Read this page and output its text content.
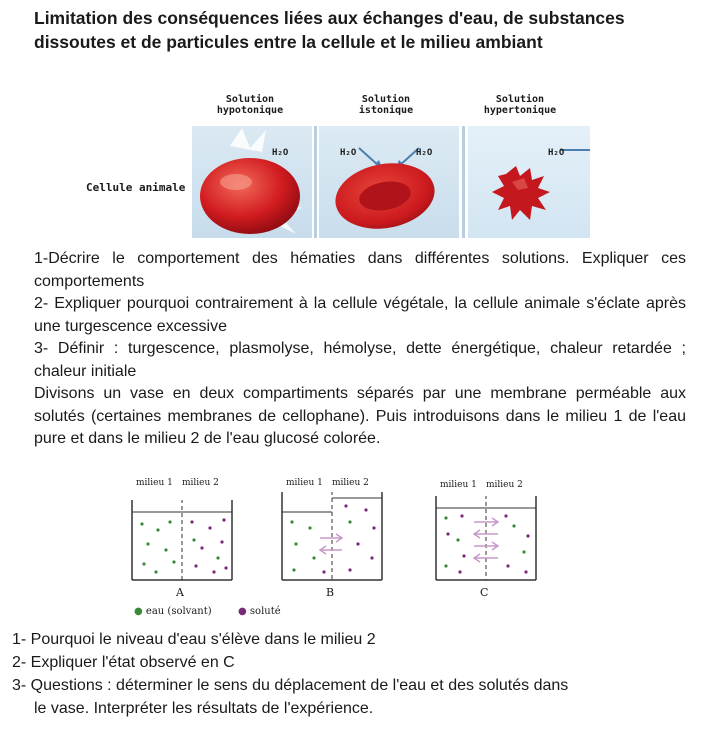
Limitation des conséquences liées aux échanges d'eau, de substances dissoutes et de particules entre la cellule et le milieu ambiant
Solution
hypotonique
Solution
istonique
Solution
hypertonique
Cellule animale
H₂O	H₂O	H₂O	H₂O

1-Décrire le comportement des hématies dans différentes solutions. Expliquer ces comportements

2- Expliquer pourquoi contrairement à la cellule végétale, la cellule animale s'éclate après une turgescence excessive

3- Définir : turgescence, plasmolyse, hémolyse, dette énergétique, chaleur retardée ; chaleur initiale

Divisons un vase en deux compartiments séparés par une membrane perméable aux solutés (certaines membranes de cellophane). Puis introduisons dans le milieu 1 de l'eau pure et dans le milieu 2 de l'eau glucosé colorée.

milieu 1 milieu 2	milieu 1 milieu 2	milieu 1 milieu 2
A	B	C
● eau (solvant)	● soluté

1- Pourquoi le niveau d'eau s'élève dans le milieu 2

2- Expliquer l'état observé en C

3- Questions : déterminer le sens du déplacement de l'eau et des solutés dans

le vase. Interpréter les résultats de l'expérience.
